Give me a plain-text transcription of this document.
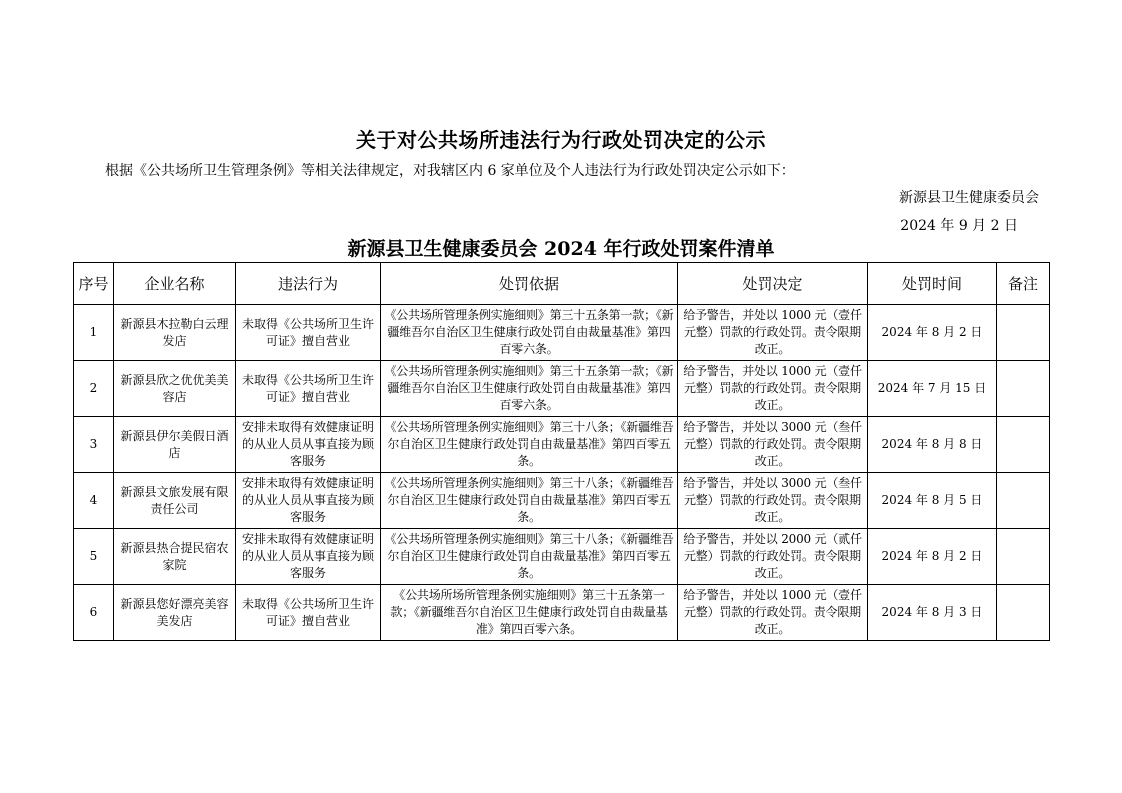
关于对公共场所违法行为行政处罚决定的公示
根据《公共场所卫生管理条例》等相关法律规定，对我辖区内 6 家单位及个人违法行为行政处罚决定公示如下：
新源县卫生健康委员会
2024 年 9 月 2 日
新源县卫生健康委员会 2024 年行政处罚案件清单
序号	企业名称	违法行为	处罚依据	处罚决定	处罚时间	备注
1	新源县木拉勒白云理发店	未取得《公共场所卫生许可证》擅自营业	《公共场所管理条例实施细则》第三十五条第一款；《新疆维吾尔自治区卫生健康行政处罚自由裁量基准》第四百零六条。	给予警告，并处以 1000 元（壹仟元整）罚款的行政处罚。责令限期改正。	2024 年 8 月 2 日	
2	新源县欣之优优美美容店	未取得《公共场所卫生许可证》擅自营业	《公共场所管理条例实施细则》第三十五条第一款；《新疆维吾尔自治区卫生健康行政处罚自由裁量基准》第四百零六条。	给予警告，并处以 1000 元（壹仟元整）罚款的行政处罚。责令限期改正。	2024 年 7 月 15 日	
3	新源县伊尔美假日酒店	安排未取得有效健康证明的从业人员从事直接为顾客服务	《公共场所管理条例实施细则》第三十八条；《新疆维吾尔自治区卫生健康行政处罚自由裁量基准》第四百零五条。	给予警告，并处以 3000 元（叁仟元整）罚款的行政处罚。责令限期改正。	2024 年 8 月 8 日	
4	新源县文旅发展有限责任公司	安排未取得有效健康证明的从业人员从事直接为顾客服务	《公共场所管理条例实施细则》第三十八条；《新疆维吾尔自治区卫生健康行政处罚自由裁量基准》第四百零五条。	给予警告，并处以 3000 元（叁仟元整）罚款的行政处罚。责令限期改正。	2024 年 8 月 5 日	
5	新源县热合提民宿农家院	安排未取得有效健康证明的从业人员从事直接为顾客服务	《公共场所管理条例实施细则》第三十八条；《新疆维吾尔自治区卫生健康行政处罚自由裁量基准》第四百零五条。	给予警告，并处以 2000 元（贰仟元整）罚款的行政处罚。责令限期改正。	2024 年 8 月 2 日	
6	新源县您好漂亮美容美发店	未取得《公共场所卫生许可证》擅自营业	《公共场所场所管理条例实施细则》第三十五条第一款；《新疆维吾尔自治区卫生健康行政处罚自由裁量基准》第四百零六条。	给予警告，并处以 1000 元（壹仟元整）罚款的行政处罚。责令限期改正。	2024 年 8 月 3 日	
